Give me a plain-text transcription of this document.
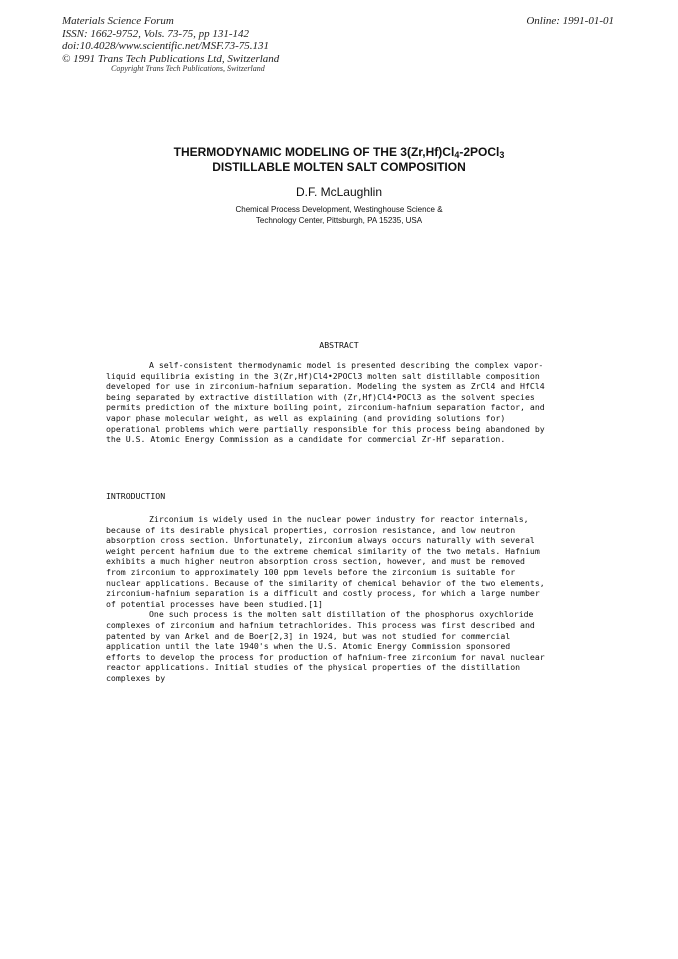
Materials Science Forum
ISSN: 1662-9752, Vols. 73-75, pp 131-142
doi:10.4028/www.scientific.net/MSF.73-75.131
© 1991 Trans Tech Publications Ltd, Switzerland
Online: 1991-01-01
Copyright Trans Tech Publications, Switzerland
THERMODYNAMIC MODELING OF THE $3(Zr,Hf)Cl_4-2POCl_3$
DISTILLABLE MOLTEN SALT COMPOSITION
D.F. McLaughlin
Chemical Process Development, Westinghouse Science &
Technology Center, Pittsburgh, PA 15235, USA
ABSTRACT

A self-consistent thermodynamic model is presented describing the complex vapor-liquid equilibria existing in the 3(Zr,Hf)Cl4•2POCl3 molten salt distillable composition developed for use in zirconium-hafnium separation. Modeling the system as ZrCl4 and HfCl4 being separated by extractive distillation with (Zr,Hf)Cl4•POCl3 as the solvent species permits prediction of the mixture boiling point, zirconium-hafnium separation factor, and vapor phase molecular weight, as well as explaining (and providing solutions for) operational problems which were partially responsible for this process being abandoned by the U.S. Atomic Energy Commission as a candidate for commercial Zr-Hf separation.

INTRODUCTION

Zirconium is widely used in the nuclear power industry for reactor internals, because of its desirable physical properties, corrosion resistance, and low neutron absorption cross section. Unfortunately, zirconium always occurs naturally with several weight percent hafnium due to the extreme chemical similarity of the two metals. Hafnium exhibits a much higher neutron absorption cross section, however, and must be removed from zirconium to approximately 100 ppm levels before the zirconium is suitable for nuclear applications. Because of the similarity of chemical behavior of the two elements, zirconium-hafnium separation is a difficult and costly process, for which a large number of potential processes have been studied.[1]

One such process is the molten salt distillation of the phosphorus oxychloride complexes of zirconium and hafnium tetrachlorides. This process was first described and patented by van Arkel and de Boer[2,3] in 1924, but was not studied for commercial application until the late 1940's when the U.S. Atomic Energy Commission sponsored efforts to develop the process for production of hafnium-free zirconium for naval nuclear reactor applications. Initial studies of the physical properties of the distillation complexes by
